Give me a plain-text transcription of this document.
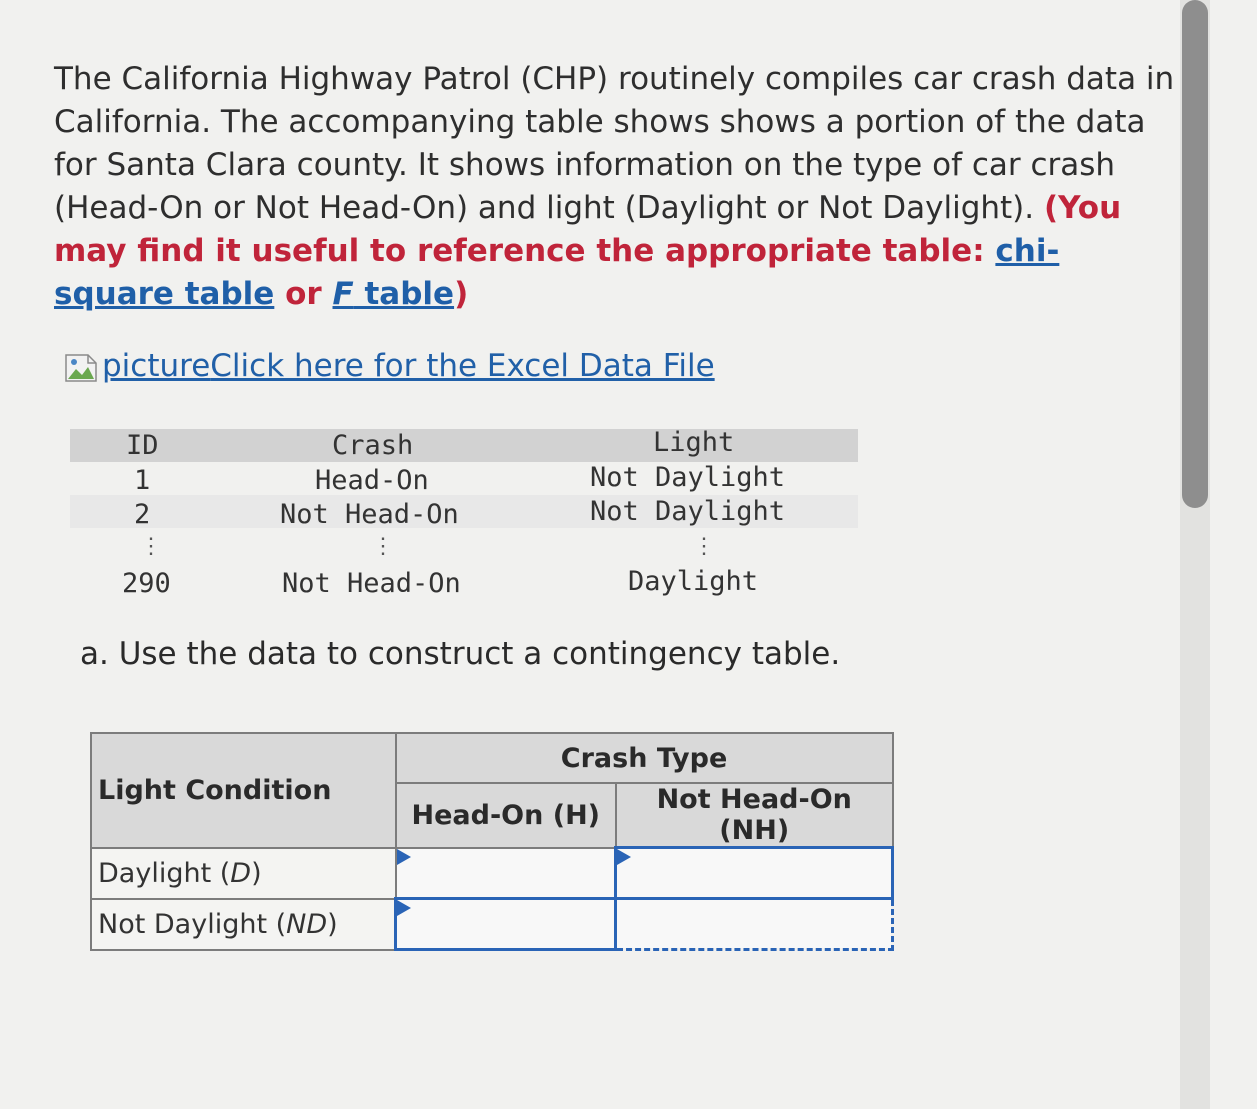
The California Highway Patrol (CHP) routinely compiles car crash data in California. The accompanying table shows shows a portion of the data for Santa Clara county. It shows information on the type of car crash (Head-On or Not Head-On) and light (Daylight or Not Daylight). (You may find it useful to reference the appropriate table: chi-square table or F table)
picture Click here for the Excel Data File
ID	Crash	Light
1	Head-On	Not Daylight
2	Not Head-On	Not Daylight
⋮	⋮	⋮
290	Not Head-On	Daylight
a. Use the data to construct a contingency table.
Light Condition	Crash Type	
	Head-On (H)	Not Head-On (NH)
Daylight (D)	

Not Daylight (ND)	
